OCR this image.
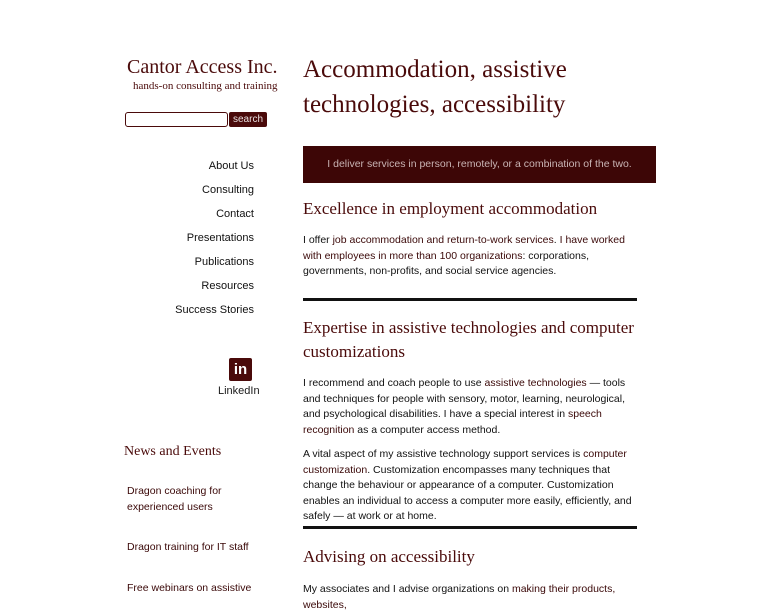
Cantor Access Inc.
hands-on consulting and training
search
About Us
Consulting
Contact
Presentations
Publications
Resources
Success Stories
in
LinkedIn
News and Events
Dragon coaching for experienced users
Dragon training for IT staff
Free webinars on assistive
Accommodation, assistive technologies, accessibility
I deliver services in person, remotely, or a combination of the two.
Excellence in employment accommodation
I offer job accommodation and return-to-work services. I have worked with employees in more than 100 organizations: corporations, governments, non-profits, and social service agencies.
Expertise in assistive technologies and computer customizations
I recommend and coach people to use assistive technologies — tools and techniques for people with sensory, motor, learning, neurological, and psychological disabilities. I have a special interest in speech recognition as a computer access method.
A vital aspect of my assistive technology support services is computer customization. Customization encompasses many techniques that change the behaviour or appearance of a computer. Customization enables an individual to access a computer more easily, efficiently, and safely — at work or at home.
Advising on accessibility
My associates and I advise organizations on making their products, websites,
